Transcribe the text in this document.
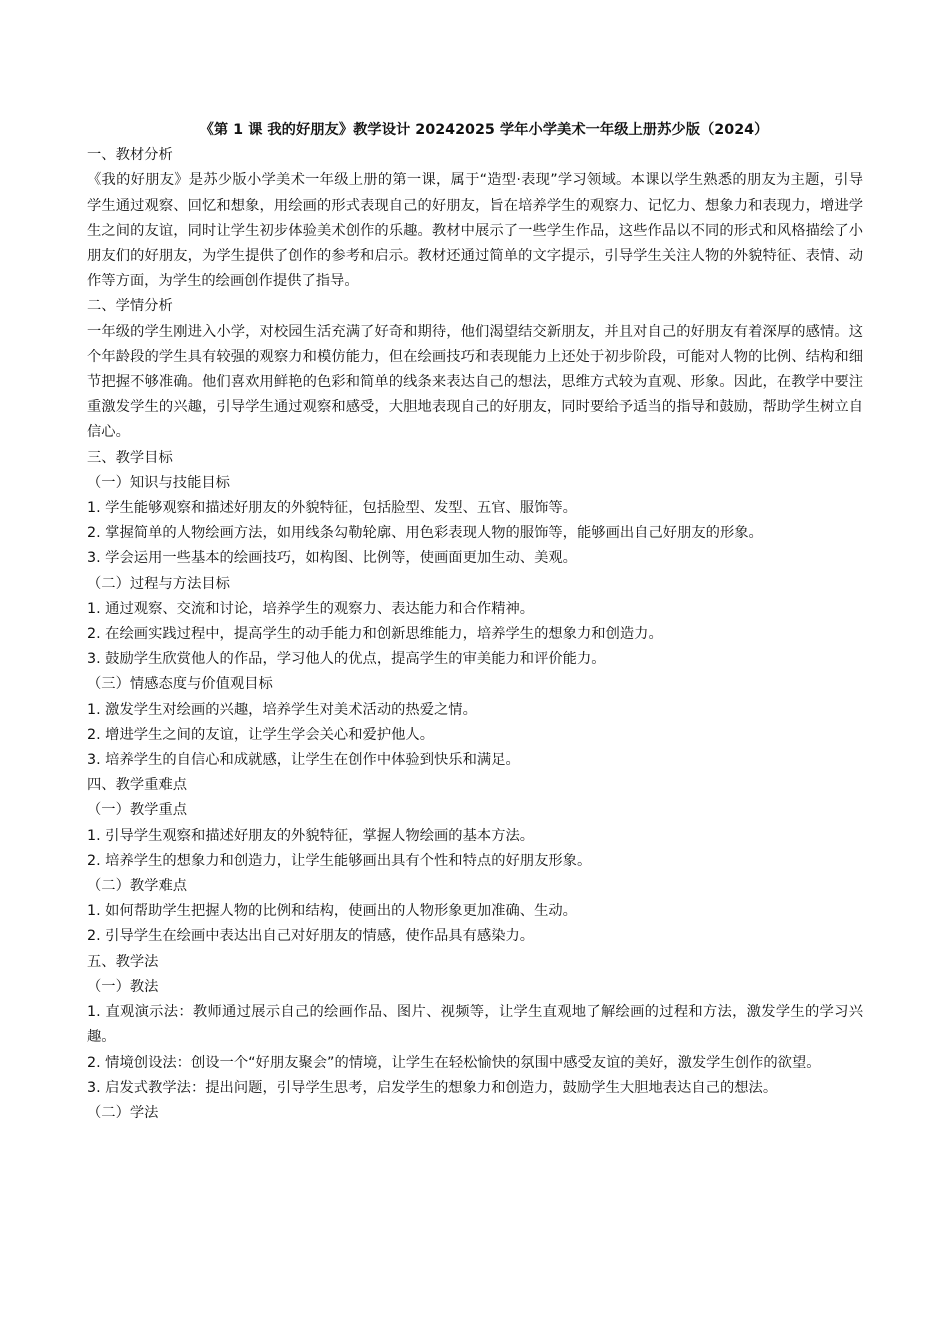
《第 1 课 我的好朋友》教学设计 20242025 学年小学美术一年级上册苏少版（2024）
一、教材分析
《我的好朋友》是苏少版小学美术一年级上册的第一课，属于“造型·表现”学习领域。本课以学生熟悉的朋友为主题，引导学生通过观察、回忆和想象，用绘画的形式表现自己的好朋友，旨在培养学生的观察力、记忆力、想象力和表现力，增进学生之间的友谊，同时让学生初步体验美术创作的乐趣。教材中展示了一些学生作品，这些作品以不同的形式和风格描绘了小朋友们的好朋友，为学生提供了创作的参考和启示。教材还通过简单的文字提示，引导学生关注人物的外貌特征、表情、动作等方面，为学生的绘画创作提供了指导。
二、学情分析
一年级的学生刚进入小学，对校园生活充满了好奇和期待，他们渴望结交新朋友，并且对自己的好朋友有着深厚的感情。这个年龄段的学生具有较强的观察力和模仿能力，但在绘画技巧和表现能力上还处于初步阶段，可能对人物的比例、结构和细节把握不够准确。他们喜欢用鲜艳的色彩和简单的线条来表达自己的想法，思维方式较为直观、形象。因此，在教学中要注重激发学生的兴趣，引导学生通过观察和感受，大胆地表现自己的好朋友，同时要给予适当的指导和鼓励，帮助学生树立自信心。
三、教学目标
（一）知识与技能目标
1. 学生能够观察和描述好朋友的外貌特征，包括脸型、发型、五官、服饰等。
2. 掌握简单的人物绘画方法，如用线条勾勒轮廓、用色彩表现人物的服饰等，能够画出自己好朋友的形象。
3. 学会运用一些基本的绘画技巧，如构图、比例等，使画面更加生动、美观。
（二）过程与方法目标
1. 通过观察、交流和讨论，培养学生的观察力、表达能力和合作精神。
2. 在绘画实践过程中，提高学生的动手能力和创新思维能力，培养学生的想象力和创造力。
3. 鼓励学生欣赏他人的作品，学习他人的优点，提高学生的审美能力和评价能力。
（三）情感态度与价值观目标
1. 激发学生对绘画的兴趣，培养学生对美术活动的热爱之情。
2. 增进学生之间的友谊，让学生学会关心和爱护他人。
3. 培养学生的自信心和成就感，让学生在创作中体验到快乐和满足。
四、教学重难点
（一）教学重点
1. 引导学生观察和描述好朋友的外貌特征，掌握人物绘画的基本方法。
2. 培养学生的想象力和创造力，让学生能够画出具有个性和特点的好朋友形象。
（二）教学难点
1. 如何帮助学生把握人物的比例和结构，使画出的人物形象更加准确、生动。
2. 引导学生在绘画中表达出自己对好朋友的情感，使作品具有感染力。
五、教学法
（一）教法
1. 直观演示法：教师通过展示自己的绘画作品、图片、视频等，让学生直观地了解绘画的过程和方法，激发学生的学习兴趣。
2. 情境创设法：创设一个“好朋友聚会”的情境，让学生在轻松愉快的氛围中感受友谊的美好，激发学生创作的欲望。
3. 启发式教学法：提出问题，引导学生思考，启发学生的想象力和创造力，鼓励学生大胆地表达自己的想法。
（二）学法
